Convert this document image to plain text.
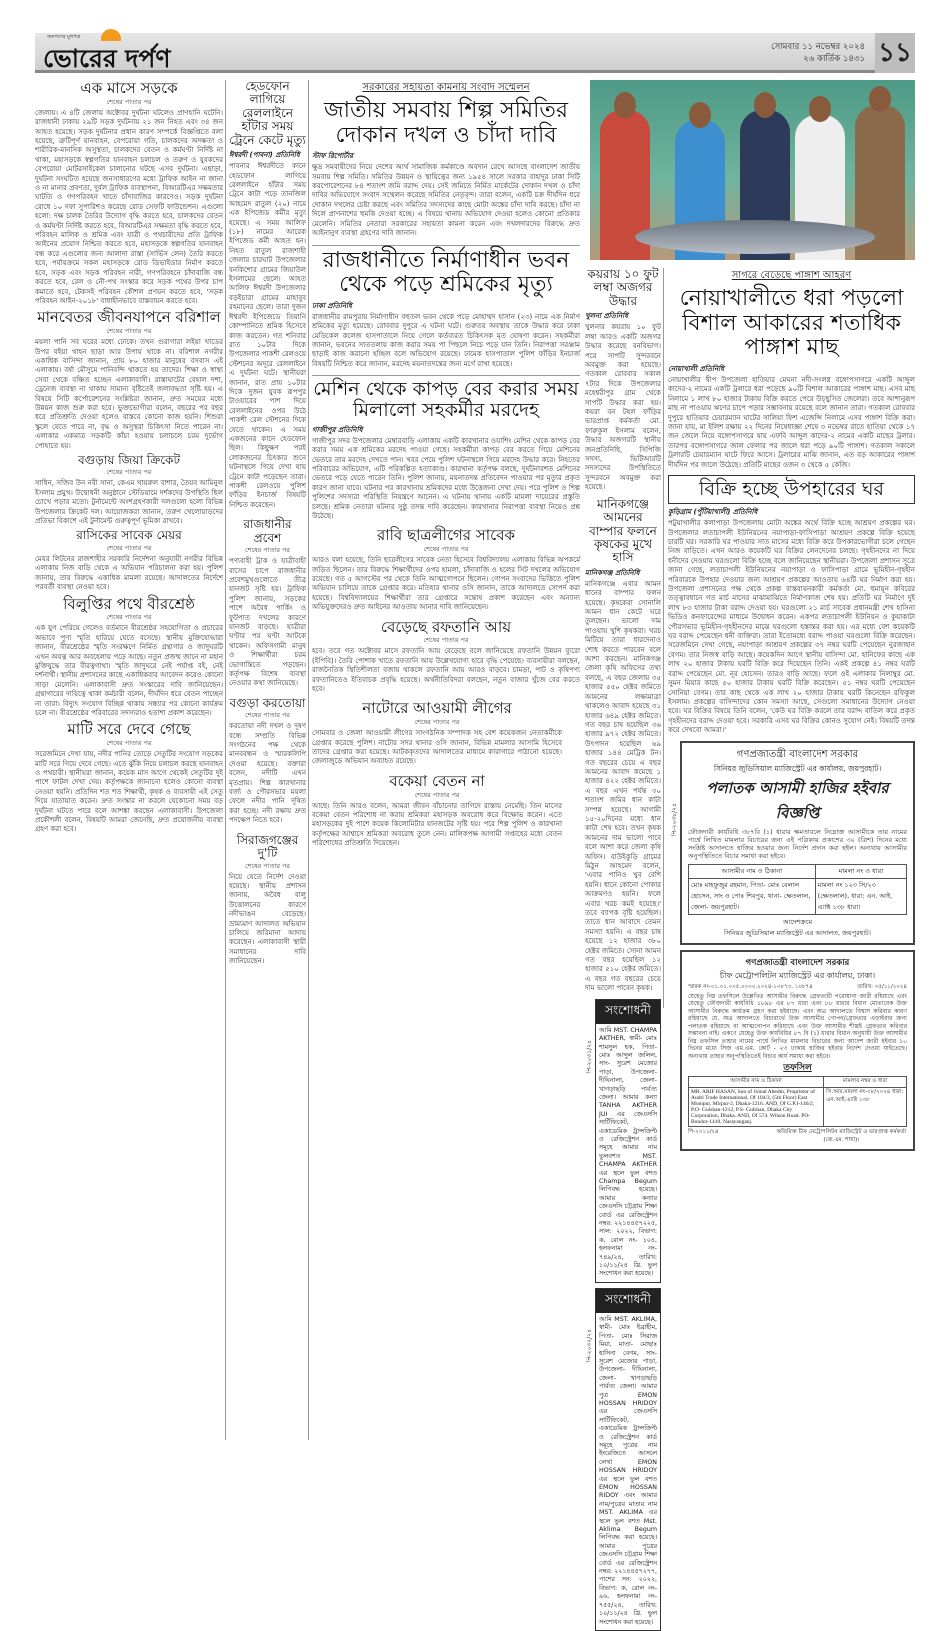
জনগণের মুখপত্র
ভোরের দর্পণ	সোমবার ১১ নভেম্বর ২০২৪
২৬ কার্তিক ১৪৩১ ১১
এক মাসে সড়কে
শেষের পাতার পর
জেলায়। এ ৪টি জেলায় অক্টোবর দুর্ঘটনা ঘটলেও প্রাণহানি ঘটেনি। রাজধানী ঢাকায় ২৯টি সড়ক দুর্ঘটনায় ২১ জন নিহত এবং ৩৪ জন আহত হয়েছে। সড়ক দুর্ঘটনার প্রধান কারণ সম্পর্কে বিজ্ঞপ্তিতে বলা হয়েছে, ত্রুটিপূর্ণ যানবাহন, বেপরোয়া গতি, চালকদের অদক্ষতা ও শারীরিক-মানসিক অসুস্থতা, চালকদের বেতন ও কর্মঘণ্টা নির্দিষ্ট না থাকা, মহাসড়কে স্বল্পগতির যানবাহন চলাচল ও তরুণ ও যুবকদের বেপরোয়া মোটরসাইকেল চালানোর ঘটছে এসব দুর্ঘটনা। এছাড়া, দুর্ঘটনা সংঘটিত হয়েছে জনসাধারণের মধ্যে ট্রাফিক আইন না জানা ও না মানার প্রবণতা, দুর্বল ট্রাফিক ব্যবস্থাপনা, বিআরটিএর সক্ষমতার ঘাটতি ও গণপরিবহন খাতে চাঁদাবাজির কারণেও। সড়ক দুর্ঘটনা রোধে ১০ দফা সুপারিশও করেছে রোড সেফটি ফাউন্ডেশন। এগুলো হলো: দক্ষ চালক তৈরির উদ্যোগ বৃদ্ধি করতে হবে, চালকদের বেতন ও কর্মঘণ্টা নির্দিষ্ট করতে হবে, বিআরটিএর সক্ষমতা বৃদ্ধি করতে হবে, পরিবহন মালিক ও শ্রমিক এবং যাত্রী ও পথচারীদের প্রতি ট্রাফিক আইনের প্রয়োগ নিশ্চিত করতে হবে, মহাসড়কে স্বল্পগতির যানবাহন বন্ধ করে এগুলোর জন্য আলাদা রাস্তা (সার্ভিস লেন) তৈরি করতে হবে, পর্যায়ক্রমে সকল মহাসড়কে রোড ডিভাইডার নির্মাণ করতে হবে, সড়ক এবং সড়ক পরিবহন নারী, গণপরিবহনে চাঁদাবাজি বন্ধ করতে হবে, রেল ও নৌ-পথ সংস্কার করে সড়ক পথের উপর চাপ কমাতে হবে, টেকসই পরিবহন কৌশল প্রণয়ন করতে হবে, 'সড়ক পরিবহন আইন-২০১৮' বাধাহীনভাবে বাস্তবায়ন করতে হবে।
মানবেতর জীবনযাপনে বরিশাল
শেষের পাতার পর
ময়লা পানি সব ঘরের মধ্যে ঢোকে। তখন গুরাগারা লইয়া খাডের উপর বইয়া থাহন ছাড়া আর উপায় থাকে না। বরিশাল নগরীর একাধিক বাসিন্দা জানান, প্রায় ৮০ হাজার মানুষের বসবাস এই এলাকায়। বর্ষা মৌসুমে পানিবন্দি থাকতে হয় তাদের। শিক্ষা ও স্বাস্থ্য সেবা থেকে বঞ্চিত হচ্ছেন এলাকাবাসী। রাস্তাঘাটের বেহাল দশা, ড্রেনেজ ব্যবস্থা না থাকায় সামান্য বৃষ্টিতেই জলাবদ্ধতা সৃষ্টি হয়। এ বিষয়ে সিটি কর্পোরেশনের সংশ্লিষ্টরা জানান, দ্রুত সময়ের মধ্যে উন্নয়ন কাজ শুরু করা হবে। ভুক্তভোগীরা বলেন, বছরের পর বছর ধরে প্রতিশ্রুতি দেওয়া হলেও বাস্তবে কোনো কাজ হয়নি। শিশুরা স্কুলে যেতে পারে না, বৃদ্ধ ও অসুস্থরা চিকিৎসা নিতে পারেন না। এলাকার একমাত্র সড়কটি কাঁচা হওয়ায় চলাচলে চরম দুর্ভোগ পোহাতে হয়।
বগুড়ায় জিয়া ক্রিকেট
শেষের পাতার পর
সাধিন, সজিব উন নবী সানা, কেএম খায়রুল বাশার, তৈয়ব আমিনুল ইসলাম প্রমুখ। উদ্বোধনী অনুষ্ঠানে স্টেডিয়ামে দর্শকদের উপস্থিতি ছিল চোখে পড়ার মতো। টুর্নামেন্টে অংশগ্রহণকারী দলগুলো হলো বিভিন্ন উপজেলার ক্রিকেট দল। আয়োজকরা জানান, তরুণ খেলোয়াড়দের প্রতিভা বিকাশে এই টুর্নামেন্ট গুরুত্বপূর্ণ ভূমিকা রাখবে।
রাসিকের সাবেক মেয়র
শেষের পাতার পর
মেয়র লিটনের রাজশাহীর সরকারি নির্দেশনা অনুযায়ী নগরীর বিভিন্ন এলাকায় নিজ বাড়ি থেকে এ অভিযান পরিচালনা করা হয়। পুলিশ জানায়, তার বিরুদ্ধে একাধিক মামলা রয়েছে। আদালতের নির্দেশে পরবর্তী ব্যবস্থা নেওয়া হবে।
বিলুপ্তির পথে বীরশ্রেষ্ঠ
শেষের পাতার পর
এক যুগ পেরিয়ে গেলেও বর্তমানে বীরশ্রেষ্ঠর সহযোগিতা ও প্রচারের অভাবে পুণ্য স্মৃতি হারিয়ে যেতে বসেছে। স্থানীয় মুক্তিযোদ্ধারা জানান, বীরশ্রেষ্ঠের স্মৃতি সংরক্ষণে নির্মিত গ্রন্থাগার ও জাদুঘরটি এখন অযত্ন আর অবহেলায় পড়ে আছে। নতুন প্রজন্ম জানে না মহান মুক্তিযুদ্ধে তার বীরত্বগাথা। স্মৃতি জাদুঘরে নেই পর্যাপ্ত বই, নেই দর্শনার্থী। স্থানীয় প্রশাসনের কাছে একাধিকবার আবেদন করেও কোনো সাড়া মেলেনি। এলাকাবাসী দ্রুত সংস্কারের দাবি জানিয়েছেন। গ্রন্থাগারের দায়িত্বে থাকা কর্মচারী বলেন, দীর্ঘদিন ধরে বেতন পাচ্ছেন না তারা। বিদ্যুৎ সংযোগ বিচ্ছিন্ন থাকায় সন্ধ্যার পর কোনো কার্যক্রম চলে না। বীরশ্রেষ্ঠের পরিবারের সদস্যরাও হতাশা প্রকাশ করেছেন।
মাটি সরে দেবে গেছে
শেষের পাতার পর
সরেজমিনে দেখা যায়, নদীর পানির তোড়ে সেতুটির সংযোগ সড়কের মাটি সরে গিয়ে দেবে গেছে। এতে ঝুঁকি নিয়ে চলাচল করছে যানবাহন ও পথচারী। স্থানীয়রা জানান, কয়েক মাস আগে থেকেই সেতুটির দুই পাশে ফাটল দেখা দেয়। কর্তৃপক্ষকে জানানো হলেও কোনো ব্যবস্থা নেওয়া হয়নি। প্রতিদিন শত শত শিক্ষার্থী, কৃষক ও ব্যবসায়ী এই সেতু দিয়ে যাতায়াত করেন। দ্রুত সংস্কার না করলে যেকোনো সময় বড় দুর্ঘটনা ঘটতে পারে বলে আশঙ্কা করছেন এলাকাবাসী। উপজেলা প্রকৌশলী বলেন, বিষয়টি আমরা জেনেছি, দ্রুত প্রয়োজনীয় ব্যবস্থা গ্রহণ করা হবে।
হেডফোন লাগিয়ে রেললাইনে হাঁটার সময় ট্রেনে কেটে মৃত্যু
ঈশ্বরদী (পাবনা) প্রতিনিধি
পাবনার ঈশ্বরদীতে কানে হেডফোন লাগিয়ে রেললাইনে হাঁটার সময় ট্রেনে কাটা পড়ে তানজিল আহমেদ রাতুল (২০) নামে এক ইপিজেড কর্মীর মৃত্যু হয়েছে। এ সময় আলিফ (১৮) নামের আরেক ইপিজেড কর্মী আহত হন। নিহত রাতুল রাজশাহী জেলার চারঘাট উপজেলার বনকিশোর গ্রামের জিয়াউল ইসলামের ছেলে। আহত আলিফ ঈশ্বরদী উপজেলার বড়ইচারা গ্রামের মাহাবুব রহমানের ছেলে। তারা দুজন ঈশ্বরদী ইপিজেডে তিয়ানি কোম্পানিতে শ্রমিক হিসেবে কাজ করতেন। গত শনিবার রাত ১০টার দিকে উপজেলার পাকশী রেলওয়ে স্টেশনের অদূরে রেললাইনে এ দুর্ঘটনা ঘটে। স্থানীয়রা জানান, রাত প্রায় ১০টার দিকে দুজন যুবক রূপপুর টাওয়ারের পাশ দিয়ে রেললাইনের ওপর উঠে পাকশী রেল স্টেশনের দিকে যেতে থাকেন। এ সময় একজনের কানে হেডফোন ছিল। কিছুক্ষণ পরই লোকজনের চিৎকার শুনে ঘটনাস্থলে গিয়ে দেখা যায় ট্রেনে কাটা পড়েছেন তারা। পাকশী রেলওয়ে পুলিশ ফাঁড়ির ইনচার্জ বিষয়টি নিশ্চিত করেছেন।
রাজধানীর প্রবেশ
শেষের পাতার পর
পণ্যবাহী ট্রাক ও যাত্রীবাহী বাসের চাপে রাজধানীর প্রবেশমুখগুলোতে তীব্র যানজট সৃষ্টি হয়। ট্রাফিক পুলিশ জানায়, সড়কের পাশে অবৈধ পার্কিং ও ফুটপাত দখলের কারণে যানজট বাড়ছে। যাত্রীরা ঘণ্টার পর ঘণ্টা আটকে থাকেন। অফিসগামী মানুষ ও শিক্ষার্থীরা চরম ভোগান্তিতে পড়ছেন। কর্তৃপক্ষ বিশেষ ব্যবস্থা নেওয়ার কথা জানিয়েছে।
বগুড়া করতোয়া
শেষের পাতার পর
করতোয়া নদী দখল ও দূষণ বন্ধে সম্প্রতি বিভিন্ন সংগঠনের পক্ষ থেকে মানববন্ধন ও স্মারকলিপি দেওয়া হয়েছে। বক্তারা বলেন, নদীটি এখন মৃতপ্রায়। শিল্প কারখানার বর্জ্য ও পৌরসভার ময়লা ফেলে নদীর পানি দূষিত করা হচ্ছে। নদী রক্ষায় দ্রুত পদক্ষেপ নিতে হবে।
সিরাজগঞ্জের দু'টি
শেষের পাতার পর
নিয়ে যেতে নির্দেশ দেওয়া হয়েছে। স্থানীয় প্রশাসন জানায়, অবৈধ বালু উত্তোলনের কারণে নদীভাঙন বেড়েছে। ভ্রাম্যমাণ আদালত অভিযান চালিয়ে জরিমানা আদায় করেছেন। এলাকাবাসী স্থায়ী সমাধানের দাবি জানিয়েছেন।
সরকারের সহায়তা কামনায় সংবাদ সম্মেলন
জাতীয় সমবায় শিল্প সমিতির দোকান দখল ও চাঁদা দাবি
স্টাফ রিপোর্টার
ক্ষুদ্র সমবায়ীদের নিয়ে দেশের আর্থ সামাজিক কর্মকাণ্ডে অবদান রেখে আসছে বাংলাদেশ জাতীয় সমবায় শিল্প সমিতি। সমিতির উন্নয়ন ও স্থায়িত্বের জন্য ১৯৫৪ সালে সরকার বাহাদুর ঢাকা সিটি করপোরেশনের ৮৪ শতাংশ জমি বরাদ্দ দেয়। সেই জমিতে নির্মিত মার্কেটের দোকান দখল ও চাঁদা দাবির অভিযোগে সংবাদ সম্মেলন করেছে সমিতির নেতৃবৃন্দ। তারা বলেন, একটি চক্র দীর্ঘদিন ধরে দোকান দখলের চেষ্টা করছে এবং সমিতির সদস্যদের কাছে মোটা অঙ্কের চাঁদা দাবি করছে। চাঁদা না দিলে প্রাণনাশের হুমকি দেওয়া হচ্ছে। এ বিষয়ে থানায় অভিযোগ দেওয়া হলেও কোনো প্রতিকার মেলেনি। সমিতির নেতারা সরকারের সহায়তা কামনা করেন এবং দখলদারদের বিরুদ্ধে দ্রুত আইনানুগ ব্যবস্থা গ্রহণের দাবি জানান।
রাজধানীতে নির্মাণাধীন ভবন থেকে পড়ে শ্রমিকের মৃত্যু
ঢাকা প্রতিনিধি
রাজধানীর রামপুরায় নির্মাণাধীন বহুতল ভবন থেকে পড়ে মোহাম্মদ হাসান (২৩) নামে এক নির্মাণ শ্রমিকের মৃত্যু হয়েছে। রোববার দুপুরে এ ঘটনা ঘটে। গুরুতর অবস্থায় তাকে উদ্ধার করে ঢাকা মেডিকেল কলেজ হাসপাতালে নিয়ে গেলে কর্তব্যরত চিকিৎসক মৃত ঘোষণা করেন। সহকর্মীরা জানান, ভবনের সাততলায় কাজ করার সময় পা পিছলে নিচে পড়ে যান তিনি। নিরাপত্তা সরঞ্জাম ছাড়াই কাজ করানো হচ্ছিল বলে অভিযোগ রয়েছে। ঢামেক হাসপাতাল পুলিশ ফাঁড়ির ইনচার্জ বিষয়টি নিশ্চিত করে জানান, মরদেহ ময়নাতদন্তের জন্য মর্গে রাখা হয়েছে।
মেশিন থেকে কাপড় বের করার সময় মিলালো সহকর্মীর মরদেহ
গাজীপুর প্রতিনিধি
গাজীপুর সদর উপজেলার মেম্বারবাড়ি এলাকায় একটি কারখানার ওয়াশিং মেশিন থেকে কাপড় বের করার সময় এক শ্রমিকের মরদেহ পাওয়া গেছে। সহকর্মীরা কাপড় বের করতে গিয়ে মেশিনের ভেতরে তার মরদেহ দেখতে পান। খবর পেয়ে পুলিশ ঘটনাস্থলে গিয়ে মরদেহ উদ্ধার করে। নিহতের পরিবারের অভিযোগ, এটি পরিকল্পিত হত্যাকাণ্ড। কারখানা কর্তৃপক্ষ বলছে, দুর্ঘটনাবশত মেশিনের ভেতরে পড়ে যেতে পারেন তিনি। পুলিশ জানায়, ময়নাতদন্ত প্রতিবেদন পাওয়ার পর মৃত্যুর প্রকৃত কারণ জানা যাবে। ঘটনার পর কারখানায় শ্রমিকদের মধ্যে উত্তেজনা দেখা দেয়। পরে পুলিশ ও শিল্প পুলিশের সদস্যরা পরিস্থিতি নিয়ন্ত্রণে আনেন। এ ঘটনায় থানায় একটি মামলা দায়েরের প্রস্তুতি চলছে। শ্রমিক নেতারা ঘটনার সুষ্ঠু তদন্ত দাবি করেছেন। কারখানার নিরাপত্তা ব্যবস্থা নিয়েও প্রশ্ন উঠেছে।
রাবি ছাত্রলীগের সাবেক
শেষের পাতার পর
আরও বলা হয়েছে, তিনি ছাত্রলীগের সাবেক নেতা হিসেবে বিশ্ববিদ্যালয় এলাকায় বিভিন্ন অপকর্মে জড়িত ছিলেন। তার বিরুদ্ধে শিক্ষার্থীদের ওপর হামলা, চাঁদাবাজি ও হলের সিট দখলের অভিযোগ রয়েছে। গত ৫ আগস্টের পর থেকে তিনি আত্মগোপনে ছিলেন। গোপন সংবাদের ভিত্তিতে পুলিশ অভিযান চালিয়ে তাকে গ্রেপ্তার করে। মতিহার থানার ওসি জানান, তাকে আদালতে সোপর্দ করা হয়েছে। বিশ্ববিদ্যালয়ের শিক্ষার্থীরা তার গ্রেপ্তারে সন্তোষ প্রকাশ করেছেন এবং অন্যান্য অভিযুক্তদেরও দ্রুত আইনের আওতায় আনার দাবি জানিয়েছেন।
বেড়েছে রফতানি আয়
শেষের পাতার পর
হবে। তবে গত অক্টোবর মাসে রফতানি আয় বেড়েছে বলে জানিয়েছে রফতানি উন্নয়ন ব্যুরো (ইপিবি)। তৈরি পোশাক খাতে রফতানি আয় উল্লেখযোগ্য হারে বৃদ্ধি পেয়েছে। ব্যবসায়ীরা বলছেন, রাজনৈতিক স্থিতিশীলতা বজায় থাকলে রফতানি আয় আরও বাড়বে। চামড়া, পাট ও কৃষিপণ্য রফতানিতেও ইতিবাচক প্রবৃদ্ধি হয়েছে। অর্থনীতিবিদরা বলছেন, নতুন বাজার খুঁজে বের করতে হবে।
নাটোরে আওয়ামী লীগের
শেষের পাতার পর
সোমবার ও জেলা আওয়ামী লীগের সাংগঠনিক সম্পাদক সহ বেশ কয়েকজন নেতাকর্মীকে গ্রেপ্তার করেছে পুলিশ। নাটোর সদর থানার ওসি জানান, বিভিন্ন মামলার আসামি হিসেবে তাদের গ্রেপ্তার করা হয়েছে। আটককৃতদের আদালতের মাধ্যমে কারাগারে পাঠানো হয়েছে। জেলাজুড়ে অভিযান অব্যাহত রয়েছে।
বকেয়া বেতন না
শেষের পাতার পর
আছে। তিনি আরও বলেন, আমরা জীবন বাঁচানোর তাগিদে রাস্তায় নেমেছি। তিন মাসের বকেয়া বেতন পরিশোধ না করায় শ্রমিকরা মহাসড়ক অবরোধ করে বিক্ষোভ করেন। এতে মহাসড়কের দুই পাশে কয়েক কিলোমিটার যানজটের সৃষ্টি হয়। পরে শিল্প পুলিশ ও কারখানা কর্তৃপক্ষের আশ্বাসে শ্রমিকরা অবরোধ তুলে নেন। মালিকপক্ষ আগামী সপ্তাহের মধ্যে বেতন পরিশোধের প্রতিশ্রুতি দিয়েছেন।
কয়রায় ১০ ফুট লম্বা অজগর উদ্ধার
খুলনা প্রতিনিধি
খুলনার কয়রায় ১০ ফুট লম্বা আরও একটি অজগর উদ্ধার করেছে বনবিভাগ। পরে সাপটি সুন্দরবনে অবমুক্ত করা হয়েছে। গতকাল রোববার সকাল ৭টার দিকে উপজেলার মহেশ্বরীপুর গ্রাম থেকে সাপটি উদ্ধার করা হয়। কয়রা বন টহল ফাঁড়ির ভারপ্রাপ্ত কর্মকর্তা মো. ফারুকুল ইসলাম বলেন, উদ্ধার অজগরটি স্থানীয় জনপ্রতিনিধি, সিপিজি সদস্য, ভিটিআরটি সদস্যদের উপস্থিতিতে সুন্দরবনে অবমুক্ত করা হয়েছে।
মানিকগঞ্জে আমনের বাম্পার ফলনে কৃষকের মুখে হাসি
মানিকগঞ্জ প্রতিনিধি
মানিকগঞ্জে এবার আমন ধানের বাম্পার ফলন হয়েছে। কৃষকেরা সোনালি আমন ধান কেটে ঘরে তুলছেন। ভালো দাম পাওয়ায় খুশি কৃষকরা। খরচ মিটিয়ে তারা ধারদেনাও শোধ করতে পারবেন বলে আশা করছেন। মানিকগঞ্জ জেলা কৃষি অফিসের তথ্য বলছে, এ বছর জেলায় ৩৫ হাজার ৫৫০ হেক্টর জমিতে আমনের লক্ষ্যমাত্রা থাকলেও আবাদ হয়েছে ৩১ হাজার ৬৪৯ হেক্টর জমিতে। গত বছর চাষ হয়েছিল ৩৬ হাজার ৯৭২ হেক্টর জমিতে। উৎপাদন হয়েছিল ৬৯ হাজার ১৪৪ মেট্রিক টন। গত বছরের চেয়ে এ বছর আমনের আবাদ কমেছে ১ হাজার ৪২২ হেক্টর জমিতে। এ বছর এখন পর্যন্ত ৩০ শতাংশ জমির ধান কাটা সম্পন্ন হয়েছে। আগামী ১৫-২০দিনের মধ্যে ধান কাটা শেষ হবে। তখন কৃষক আমনের দাম ভালো পাবে বলে আশা করে জেলা কৃষি অফিস। বাউইকুড়ি গ্রামের মিঠুন আহমেদ বলেন, 'এবার পানিও খুব বেশি হয়নি। ধানে কোনো পোকার আক্রমণও হয়নি। ফলে এবার খরচ কমই হয়েছে।' তবে ব্যাপক বৃষ্টি হয়েছিল। তাতে ধান আবাদে তেমন সমস্যা হয়নি। এ বছর চাষ হয়েছে ১২ হাজার ৩৮০ হেক্টর জমিতে। সোনা আমন গত বছর হয়েছিল ১২ হাজার ৫১০ হেক্টর জমিতে। এ বছর গত বছরের চেয়ে দাম ভালো পাবেন কৃষক।
পি-২০৩১/২৪
সংশোধনী
আমি MST. CHAMPA AKTHER, স্বামী- মোঃ শামসুল হক, পিতা- মোঃ আব্দুল জলিল, সাং- সুরেশ মেজোর পাড়া, উপজেলা- দীঘিনালা, জেলা- খাগড়াছড়ি পার্বত্য জেলা। আমার কন্যা TANHA AKTHER JUI এর জেএসসি সার্টিফিকেট, একাডেমিক ট্রান্সক্রিপ্ট ও রেজিস্ট্রেশন কার্ড সমূহে আমার নাম ভুলবশত MST. CHAMPA AKTHER এর স্থলে ভুল বশত Champa Begum লিপিবদ্ধ হয়েছে। আমার কন্যার জেএসসি চট্টগ্রাম শিক্ষা বোর্ড এর রেজিস্ট্রেশন নম্বর: ২২১৪৪৫৭২২৫, সাল: ২০২২, বিভাগ: ক, রোল নং- ১০৪, হলফনামা নং- ৭৪৯/২৪, তারিখ: ১০/১১/২৪ খ্রি. ভুল সংশোধন করা হয়েছে।
পি-২০৩২/২৪
সংশোধনী
আমি MST. AKLIMA, স্বামী- মোঃ ইব্রাহীম, পিতা- মোঃ সিরাজ মিয়া, মাতা- মোছাঃ হাসিনা বেগম, সাং- সুরেশ মেজোর পাড়া, উপজেলা- দীঘিনালা, জেলা- খাগড়াছড়ি পার্বত্য জেলা। আমার পুত্র EMON HOSSAN HRIDOY এর জেএসসি সার্টিফিকেট, একাডেমিক ট্রান্সক্রিপ্ট ও রেজিস্ট্রেশন কার্ড সমূহে পুত্রের নাম ইংরেজিতে আসলে লেখা EMON HOSSAN HRIDOY এর স্থলে ভুল বশত EMON HOSSAN RIDOY এবং আমার নাম/পুত্রের মাতার নাম MST. AKLIMA এর স্থলে ভুল বশত Mst. Aklima Begum লিপিবদ্ধ করা হয়েছে। আমার পুত্রের জেএসসি চট্টগ্রাম শিক্ষা বোর্ড এর রেজিস্ট্রেশন নম্বর: ২২১৪৪৫৭২৭৭, পাশের সন: ২০২২, বিভাগ: ক, রোল নং- ৯৬, হলফনামা নং- ৭৫৫/২৪, তারিখ: ১০/১১/২৪ খ্রি. ভুল সংশোধন করা হয়েছে।
সাগরে বেড়েছে পাঙ্গাশ আহরণ
নোয়াখালীতে ধরা পড়লো বিশাল আকারের শতাধিক পাঙ্গাশ মাছ
নোয়াখালী প্রতিনিধি
নোয়াখালীর দ্বীপ উপজেলা হাতিয়ার মেঘনা নদী-সংলগ্ন বঙ্গোপসাগরে একটি আব্দুল কাদের-২ নামের একটি ট্রলারে ধরা পড়েছে ৯০টি বিশাল আকারের পাঙ্গাশ মাছ। এসব মাছ নিলামে ১ লাখ ৮০ হাজার টাকায় বিক্রি করতে পেরে উচ্ছ্বসিত জেলেরা। তবে আশানুরূপ মাছ না পাওয়ায় ঋণের চাপে পড়ার সম্ভাবনায় রয়েছে বলে জানান তারা। গতকাল রোববার দুপুরে হাতিয়ার চেয়ারম্যান ঘাটের সালিয়া ফিশ এজেন্সি নিলামে এসব পাঙ্গাশ বিক্রি করা। জানা যায়, মা ইলিশ রক্ষায় ২২ দিনের নিষেধাজ্ঞা শেষে ৩ নভেম্বর রাতে হাতিয়া থেকে ১৭ জন জেলে নিয়ে বঙ্গোপসাগরে যায় এফবি আব্দুল কাদের-২ নামের একটি মাছের ট্রলার। তারপর বঙ্গোপসাগরে জাল ফেলার পর জালে ধরা পড়ে ৯০টি পাঙ্গাশ। গতকাল সকালে ট্রলারটি চেয়ারম্যান ঘাটে ফিরে আসে। ট্রলারের মাঝি জানান, এত বড় আকারের পাঙ্গাশ দীর্ঘদিন পর জালে উঠেছে। প্রতিটি মাছের ওজন ৩ থেকে ৫ কেজি।
বিক্রি হচ্ছে উপহারের ঘর
কুড়িগ্রাম (পুঁটিয়াখালী) প্রতিনিধি
পটুয়াখালীর কলাপাড়া উপজেলায় মোটা অঙ্কের অর্থে বিক্রি হচ্ছে আশ্রয়ণ প্রকল্পের ঘর। উপজেলার লতাচাপলী ইউনিয়নের নয়াপাড়া-ফাসিপাড়া আশ্রয়ণ প্রকল্পে বিক্রি হয়েছে চারটি ঘর। সরকারি ঘর পাওয়ার সাত মাসের মধ্যে বিক্রি করে উপকারভোগীরা চলে গেছেন নিজ বাড়িতে। এখন আরও কয়েকটি ঘর বিক্রির লেনদেনের চলছে। গৃহহীনদের না দিয়ে ধনীদের দেওয়ায় ঘরগুলো বিক্রি হচ্ছে বলে জানিয়েছেন স্থানীয়রা। উপজেলা প্রশাসন সূত্রে জানা গেছে, লতাচাপলী ইউনিয়নের নয়াপাড়া ও ফাসিপাড়া গ্রামে ভূমিহীন-গৃহহীন পরিবারকে উপহার দেওয়ার জন্য আশ্রয়ণ প্রকল্পের আওতায় ৬৪টি ঘর নির্মাণ করা হয়। উপজেলা প্রশাসনের পক্ষ থেকে প্রকল্প বাস্তবায়নকারী কর্মকর্তা মো. হুমায়ূন কবিরের তত্ত্বাবধানে গত মার্চ মাসের মাঝামাঝিতে নির্মাণকাজ শেষ হয়। প্রতিটি ঘর নির্মাণে দুই লাখ ৮৩ হাজার টাকা বরাদ্দ দেওয়া হয়। ঘরগুলো ২১ মার্চ সাবেক প্রধানমন্ত্রী শেখ হাসিনা ভিডিও কনফারেন্সের মাধ্যমে উদ্বোধন করেন। একপর লতাচাপলী ইউনিয়ন ও কুয়াকাটা পৌরসভার ভূমিহীন-গৃহহীনদের মাঝে ঘরগুলো হস্তান্তর করা হয়। এর মধ্যে বেশ কয়েকটি ঘর বরাদ্দ পেয়েছেন ধনী ব্যক্তিরা। তারা ইতোমধ্যে বরাদ্দ পাওয়া ঘরগুলো বিক্রি করেছেন। সরেজমিনে দেখা গেছে, নয়াপাড়া আশ্রয়ণ প্রকল্পের ৩৭ নম্বর ঘরটি পেয়েছেন নুরজাহান বেগম। তার নিজস্ব বাড়ি আছে। কয়েকদিন আগে স্থানীয় বাসিন্দা মো. হানিফের কাছে এক লাখ ২০ হাজার টাকায় ঘরটি বিক্রি করে দিয়েছেন তিনি। একই প্রকল্পে ৪১ নম্বর ঘরটি বরাদ্দ পেয়েছেন মো. নূর হোসেন। তারও বাড়ি আছে। ফলে ওই এলাকার নিলাম্বুর মো. সুমন মিয়ার কাছে ৫০ হাজার টাকায় ঘরটি বিক্রি করেছেন। ৫১ নম্বর ঘরটি পেয়েছেন সোনিয়া বেগম। তার কাছ থেকে এক লাখ ২০ হাজার টাকায় ঘরটি কিনেছেন রফিকুল ইসলাম। প্রকল্পের বাসিন্দাদের কোন সমস্যা আছে, সেগুলো সমাধানের উদ্যোগ নেওয়া হবে। ঘর বিক্রির বিষয়ে তিনি বলেন, 'কেউ ঘর বিক্রি করলে তার বরাদ্দ বাতিল করে প্রকৃত গৃহহীনদের বরাদ্দ দেওয়া হবে। সরকারি এসব ঘর বিক্রির কোনও সুযোগ নেই। বিষয়টি তদন্ত করে দেখবো আমরা।'
পি-২০৩৮/২৪
গণপ্রজাতন্ত্রী বাংলাদেশ সরকার
সিনিয়র জুডিসিয়াল ম্যাজিস্ট্রেট এর কার্যালয়, জয়পুরহাট।
পলাতক আসামী হাজির হইবার বিজ্ঞপ্তি
ফৌজদারী কার্যবিধি ৩৮৭বি (১) ধারার ক্ষমতাবলে নিম্নোক্ত আসামীকে তার নামের পার্শ্বে লিখিত মামলার বিচারের জন্য এই পত্রিকায় প্রকাশের ৩০ (ত্রিশ) দিনের মধ্যে সংশ্লিষ্ট আদালতে হাজির হওয়ার জন্য নির্দেশ প্রদান করা হইল। অন্যথায় আসামীর অনুপস্থিতিতে বিচার সমাধা করা হইবে।
আসামীর নাম ও ঠিকানা	মামলা নং ও ধারা
মোঃ মাহফুজুর রহমান, পিতা- মোঃ বেলাল হোসেন, সাং ও পোঃ শিবপুর, থানা- ক্ষেতলাল, জেলা- জয়পুরহাট।	মামলা নং ১২৩ সি/২৩ (ক্ষেতলাল), ধারা: এন. আই. এ্যাক্ট ১৩৮ ধারা।
আদেশক্রমে
সিনিয়র জুডিসিয়াল ম্যাজিস্ট্রেট এর আদালত, জয়পুরহাট।
গণপ্রজাতন্ত্রী বাংলাদেশ সরকার
চীফ মেট্রোপলিটন ম্যাজিস্ট্রেট এর কার্যালয়, ঢাকা।
স্মারক নং-০১.০১.০০৫.০০০০.২০২৪-১০৮৭৩, ১০৮৭৪	তারিখ: ০৫/১১/২০২৪
যেহেতু নিম্ন তফসিলে উল্লেখিত আসামীর বিরুদ্ধে গ্রেফতারী পরোয়ানা জারী রহিয়াছে এবং যেহেতু ফৌজদারী কার্যবিধি ১৮৯৮ এর ৮৭ ধারা এবং ৮৮ ধারার বিধান মোতাবেক উক্ত আসামীর বিরুদ্ধে কার্যক্রম গ্রহণ করা হইয়াছে। এবং অত্র আদালতে বিশ্বাস করিবার কারণ রহিয়াছে যে, অত্র আদালতে বিচারার্থে উক্ত আসামীর গোপন/গ্রেফতার এড়াইবার জন্য পলাতক রহিয়াছে বা আত্মগোপন করিয়াছে এবং উক্ত আসামীর শীঘ্রই গ্রেফতার করিবার সম্ভাবনা নাই। একণে যেহেতু উক্ত কার্যবিধির ৮৭ বি (১) ধারার বিধান অনুযায়ী উক্ত আসামীর নিম্ন তফসিল তাহার নামের পার্শ্বে লিখিত মামলার বিচারের জন্য আদেশ জারী হইবার ১০ দিনের মধ্যে সিজ এম.এম. কোর্ট - ২৩ ঢাকায় হাজির হইবার নির্দেশ দেওয়া যাইতেছে। অন্যথায় তাহার অনুপস্থিতিতেই বিচার কার্য সমাধা করা হইবে।
তফসিল
আসামীর নাম ও ঠিকানা	মামলার নম্বর ও ধারা
MR. ARIF HASAN, Son of Joinal Abedin, Proprietor of Audri Trade International, Of 104/3, (5th Floor) East Monipur, Mirpur-2, Dhaka-1216. AND, Of G.P.J-146/2, P.O- Gulshan-1212, P.S- Gulshan, Dhaka City Corporation, Dhaka. AND, Of 574. Wilson Road. PO-Bondor-1410, Narayanganj.	সি.আর.মামলা নং-০৮/২০২৪ ধারা: এন.আই.এ্যাক্ট ১৩৮
পি-২০১১/২৪	অতিরিক্ত চীফ মেট্রোপলিটন ম্যাজিস্ট্রেট ও ভারপ্রাপ্ত কর্মকর্তা (জে.এম. শাখা)।
